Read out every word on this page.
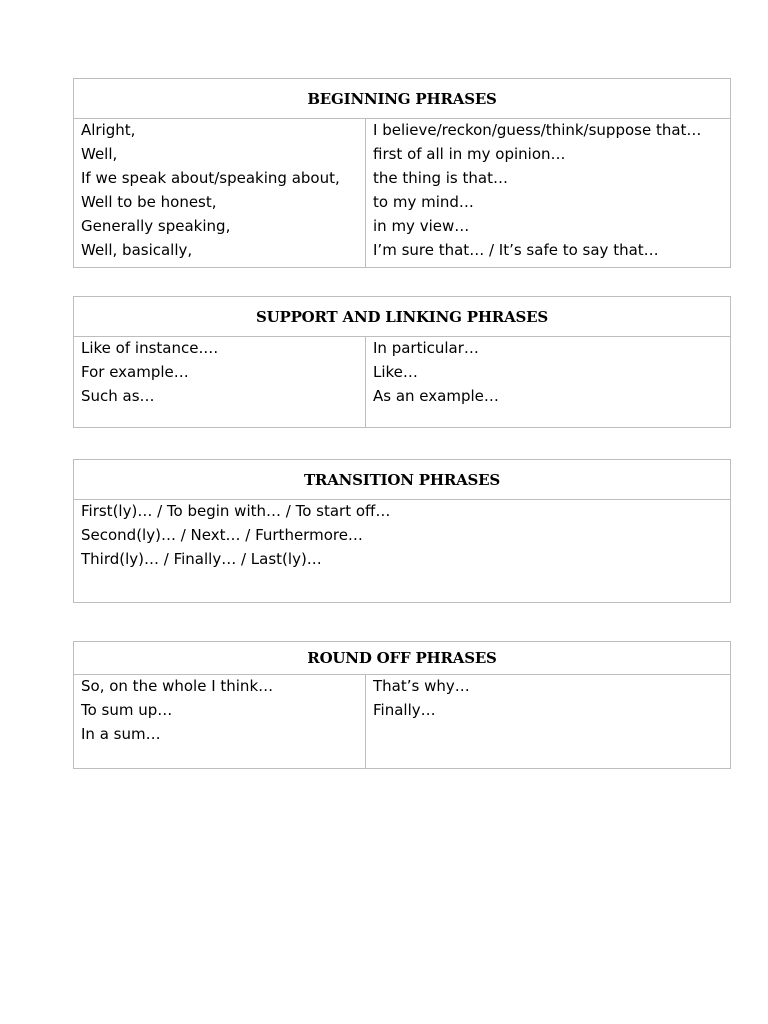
BEGINNING PHRASES
Alright,
Well,
If we speak about/speaking about,
Well to be honest,
Generally speaking,
Well, basically,
I believe/reckon/guess/think/suppose that…
first of all in my opinion…
the thing is that…
to my mind…
in my view…
I’m sure that… / It’s safe to say that…
SUPPORT AND LINKING PHRASES
Like of instance.…
For example…
Such as…
In particular…
Like…
As an example…
TRANSITION PHRASES
First(ly)… / To begin with… / To start off…
Second(ly)… / Next… / Furthermore…
Third(ly)… / Finally… / Last(ly)…
ROUND OFF PHRASES
So, on the whole I think…
To sum up…
In a sum…
That’s why…
Finally…
